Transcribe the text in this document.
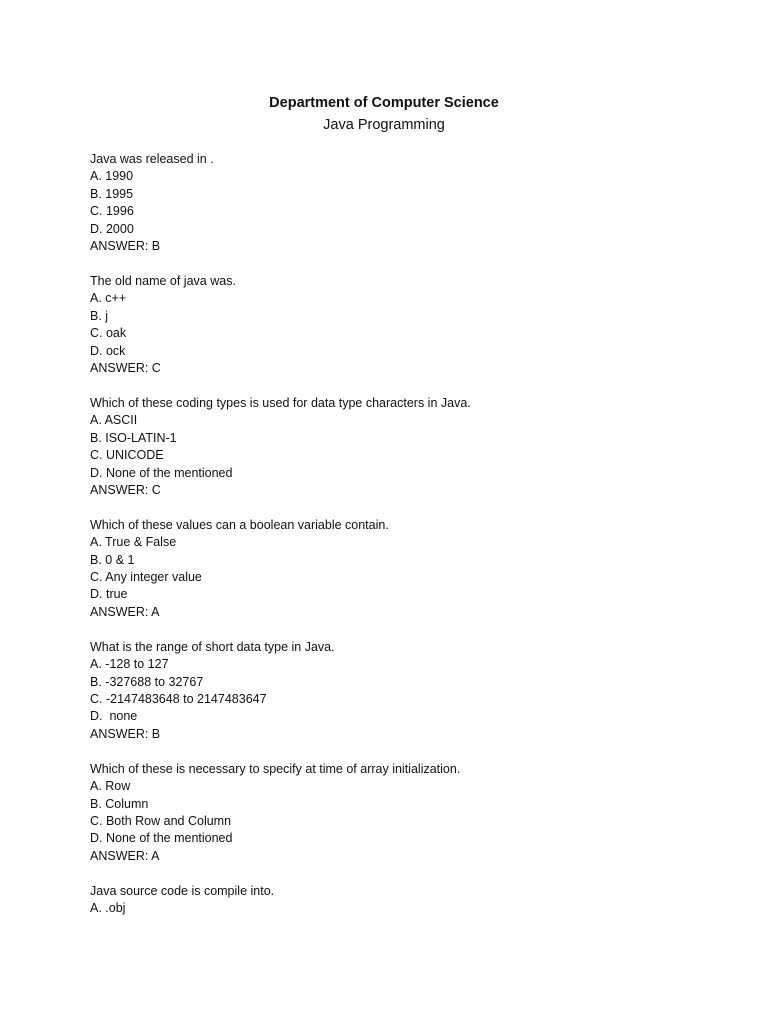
Department of Computer Science
Java Programming
Java was released in .
A. 1990
B. 1995
C. 1996
D. 2000
ANSWER: B
The old name of java was.
A. c++
B. j
C. oak
D. ock
ANSWER: C
Which of these coding types is used for data type characters in Java.
A. ASCII
B. ISO-LATIN-1
C. UNICODE
D. None of the mentioned
ANSWER: C
Which of these values can a boolean variable contain.
A. True & False
B. 0 & 1
C. Any integer value
D. true
ANSWER: A
What is the range of short data type in Java.
A. -128 to 127
B. -327688 to 32767
C. -2147483648 to 2147483647
D.  none
ANSWER: B
Which of these is necessary to specify at time of array initialization.
A. Row
B. Column
C. Both Row and Column
D. None of the mentioned
ANSWER: A
Java source code is compile into.
A. .obj
